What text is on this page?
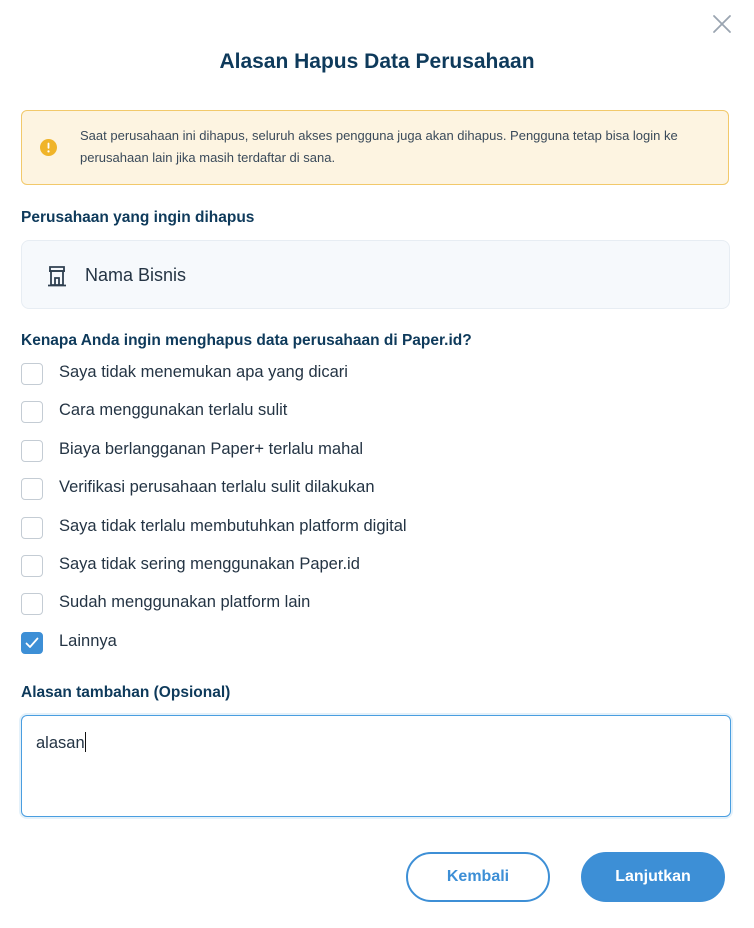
Alasan Hapus Data Perusahaan
Saat perusahaan ini dihapus, seluruh akses pengguna juga akan dihapus. Pengguna tetap bisa login ke perusahaan lain jika masih terdaftar di sana.
Perusahaan yang ingin dihapus
Nama Bisnis
Kenapa Anda ingin menghapus data perusahaan di Paper.id?
Saya tidak menemukan apa yang dicari
Cara menggunakan terlalu sulit
Biaya berlangganan Paper+ terlalu mahal
Verifikasi perusahaan terlalu sulit dilakukan
Saya tidak terlalu membutuhkan platform digital
Saya tidak sering menggunakan Paper.id
Sudah menggunakan platform lain
Lainnya
Alasan tambahan (Opsional)
alasan
Kembali	Lanjutkan
